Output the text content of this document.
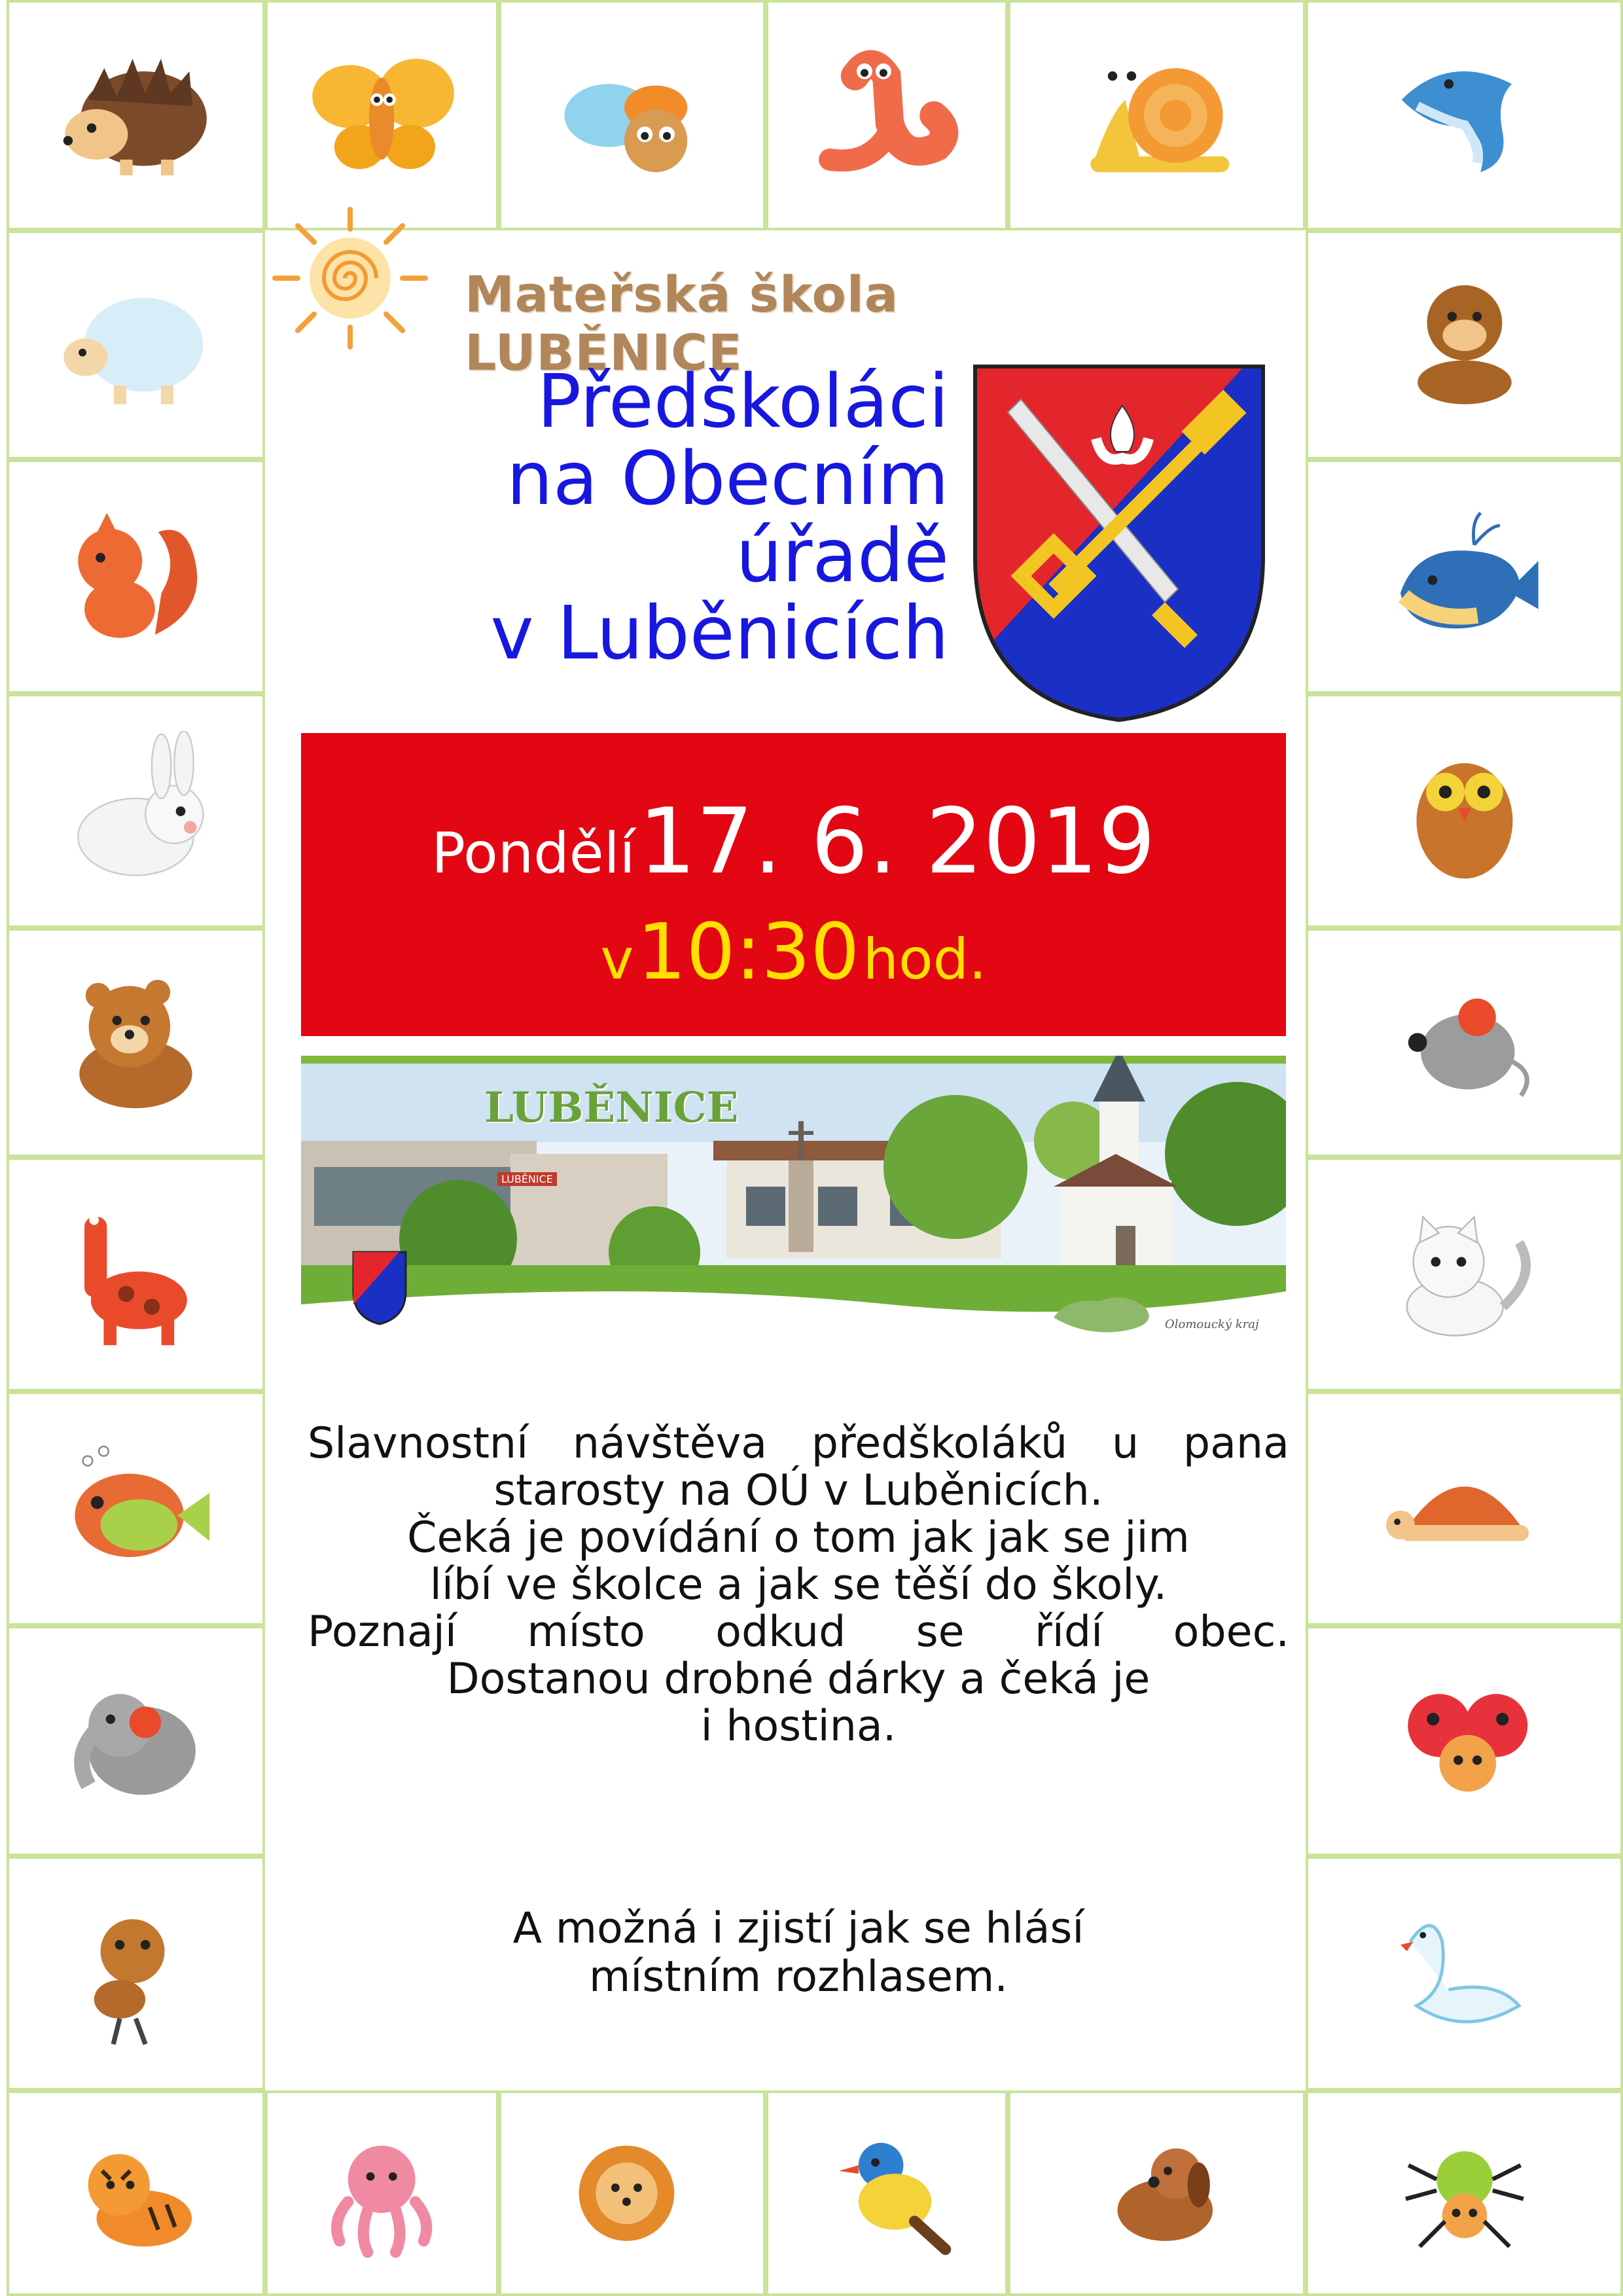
Mateřská škola LUBĚNICE
Předškoláci
na Obecním
úřadě
v Luběnicích
Pondělí 17. 6. 2019
v 10:30 hod.
LUBĚNICE
LUBĚNICE
Olomoucký kraj
Slavnostní návštěva předškoláků u pana
starosty na OÚ v Luběnicích.
Čeká je povídání o tom jak jak se jim
líbí ve školce a jak se těší do školy.
Poznají místo odkud se řídí obec.
Dostanou drobné dárky a čeká je
i hostina.
A možná i zjistí jak se hlásí
místním rozhlasem.
